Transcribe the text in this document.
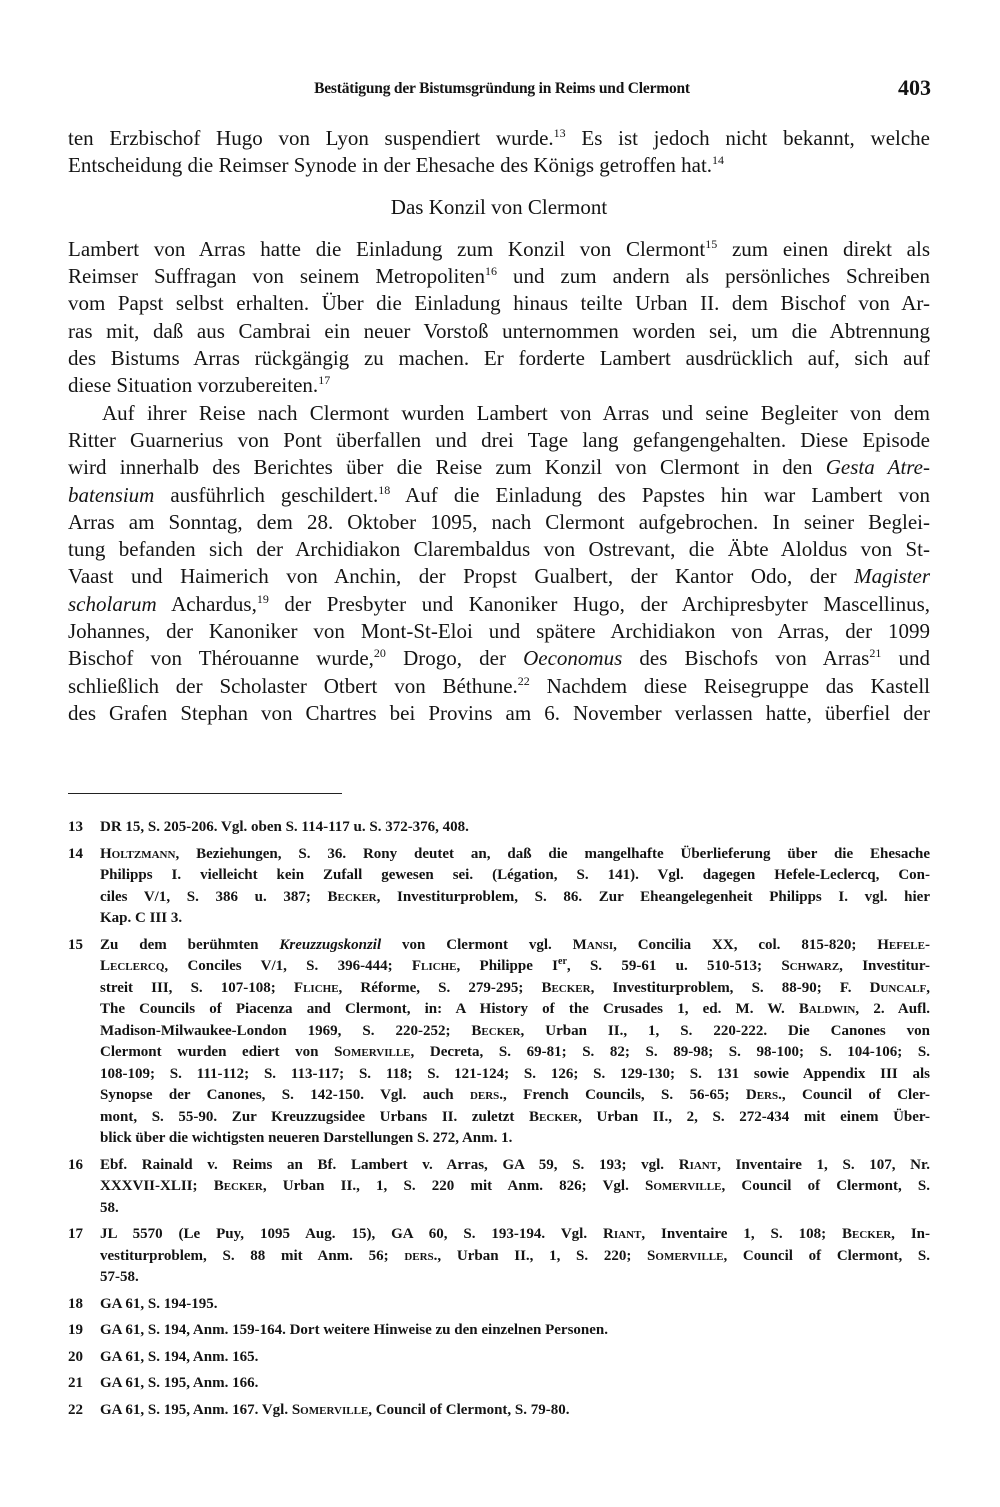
Bestätigung der Bistumsgründung in Reims und Clermont	403
ten Erzbischof Hugo von Lyon suspendiert wurde.$^{13}$ Es ist jedoch nicht bekannt, welche
Entscheidung die Reimser Synode in der Ehesache des Königs getroffen hat.$^{14}$
Das Konzil von Clermont
Lambert von Arras hatte die Einladung zum Konzil von Clermont$^{15}$ zum einen direkt als
Reimser Suffragan von seinem Metropoliten$^{16}$ und zum andern als persönliches Schreiben
vom Papst selbst erhalten. Über die Einladung hinaus teilte Urban II. dem Bischof von Ar-
ras mit, daß aus Cambrai ein neuer Vorstoß unternommen worden sei, um die Abtrennung
des Bistums Arras rückgängig zu machen. Er forderte Lambert ausdrücklich auf, sich auf
diese Situation vorzubereiten.$^{17}$
Auf ihrer Reise nach Clermont wurden Lambert von Arras und seine Begleiter von dem
Ritter Guarnerius von Pont überfallen und drei Tage lang gefangengehalten. Diese Episode
wird innerhalb des Berichtes über die Reise zum Konzil von Clermont in den Gesta Atre-
batensium ausführlich geschildert.$^{18}$ Auf die Einladung des Papstes hin war Lambert von
Arras am Sonntag, dem 28. Oktober 1095, nach Clermont aufgebrochen. In seiner Beglei-
tung befanden sich der Archidiakon Clarembaldus von Ostrevant, die Äbte Aloldus von St-
Vaast und Haimerich von Anchin, der Propst Gualbert, der Kantor Odo, der Magister
scholarum Achardus,$^{19}$ der Presbyter und Kanoniker Hugo, der Archipresbyter Mascellinus,
Johannes, der Kanoniker von Mont-St-Eloi und spätere Archidiakon von Arras, der 1099
Bischof von Thérouanne wurde,$^{20}$ Drogo, der Oeconomus des Bischofs von Arras$^{21}$ und
schließlich der Scholaster Otbert von Béthune.$^{22}$ Nachdem diese Reisegruppe das Kastell
des Grafen Stephan von Chartres bei Provins am 6. November verlassen hatte, überfiel der
13 DR 15, S. 205-206. Vgl. oben S. 114-117 u. S. 372-376, 408.
14 Holtzmann, Beziehungen, S. 36. Rony deutet an, daß die mangelhafte Überlieferung über die Ehesache
Philipps I. vielleicht kein Zufall gewesen sei. (Légation, S. 141). Vgl. dagegen Hefele-Leclercq, Con-
ciles V/1, S. 386 u. 387; Becker, Investiturproblem, S. 86. Zur Eheangelegenheit Philipps I. vgl. hier
Kap. C III 3.
15 Zu dem berühmten Kreuzzugskonzil von Clermont vgl. Mansi, Concilia XX, col. 815-820; Hefele-
Leclercq, Conciles V/1, S. 396-444; Fliche, Philippe Ier, S. 59-61 u. 510-513; Schwarz, Investitur-
streit III, S. 107-108; Fliche, Réforme, S. 279-295; Becker, Investiturproblem, S. 88-90; F. Duncalf,
The Councils of Piacenza and Clermont, in: A History of the Crusades 1, ed. M. W. Baldwin, 2. Aufl.
Madison-Milwaukee-London 1969, S. 220-252; Becker, Urban II., 1, S. 220-222. Die Canones von
Clermont wurden ediert von Somerville, Decreta, S. 69-81; S. 82; S. 89-98; S. 98-100; S. 104-106; S.
108-109; S. 111-112; S. 113-117; S. 118; S. 121-124; S. 126; S. 129-130; S. 131 sowie Appendix III als
Synopse der Canones, S. 142-150. Vgl. auch ders., French Councils, S. 56-65; Ders., Council of Cler-
mont, S. 55-90. Zur Kreuzzugsidee Urbans II. zuletzt Becker, Urban II., 2, S. 272-434 mit einem Über-
blick über die wichtigsten neueren Darstellungen S. 272, Anm. 1.
16 Ebf. Rainald v. Reims an Bf. Lambert v. Arras, GA 59, S. 193; vgl. Riant, Inventaire 1, S. 107, Nr.
XXXVII-XLII; Becker, Urban II., 1, S. 220 mit Anm. 826; Vgl. Somerville, Council of Clermont, S.
58.
17 JL 5570 (Le Puy, 1095 Aug. 15), GA 60, S. 193-194. Vgl. Riant, Inventaire 1, S. 108; Becker, In-
vestiturproblem, S. 88 mit Anm. 56; ders., Urban II., 1, S. 220; Somerville, Council of Clermont, S.
57-58.
18 GA 61, S. 194-195.
19 GA 61, S. 194, Anm. 159-164. Dort weitere Hinweise zu den einzelnen Personen.
20 GA 61, S. 194, Anm. 165.
21 GA 61, S. 195, Anm. 166.
22 GA 61, S. 195, Anm. 167. Vgl. Somerville, Council of Clermont, S. 79-80.
